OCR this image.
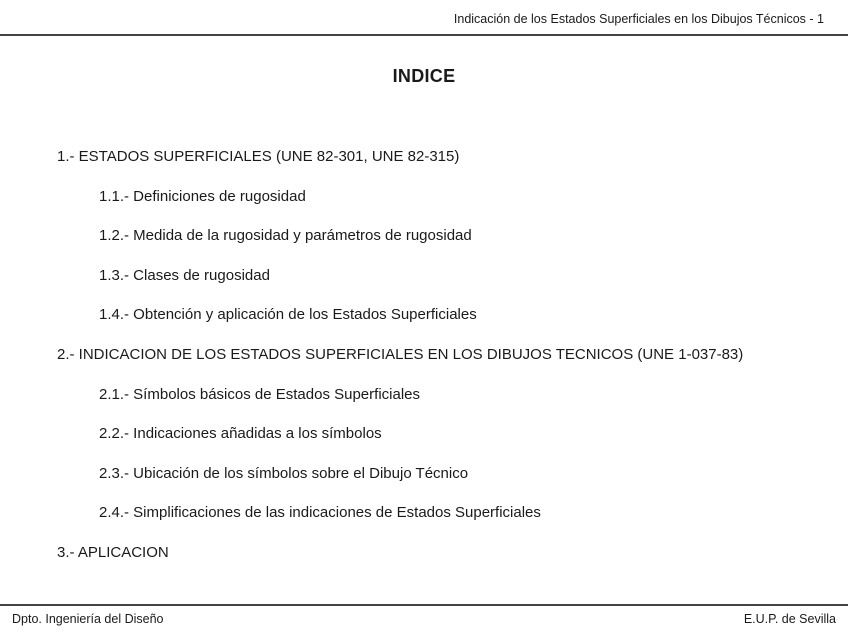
Indicación de los Estados Superficiales en los Dibujos Técnicos - 1
INDICE
1.- ESTADOS SUPERFICIALES (UNE 82-301, UNE 82-315)
1.1.- Definiciones de rugosidad
1.2.- Medida de la rugosidad y parámetros de rugosidad
1.3.- Clases de rugosidad
1.4.- Obtención y aplicación de los Estados Superficiales
2.- INDICACION DE LOS ESTADOS SUPERFICIALES EN LOS DIBUJOS TECNICOS (UNE 1-037-83)
2.1.- Símbolos básicos de Estados Superficiales
2.2.- Indicaciones añadidas a los símbolos
2.3.- Ubicación de los símbolos sobre el Dibujo Técnico
2.4.- Simplificaciones de las indicaciones de Estados Superficiales
3.- APLICACION
Dpto. Ingeniería del Diseño	E.U.P. de Sevilla
